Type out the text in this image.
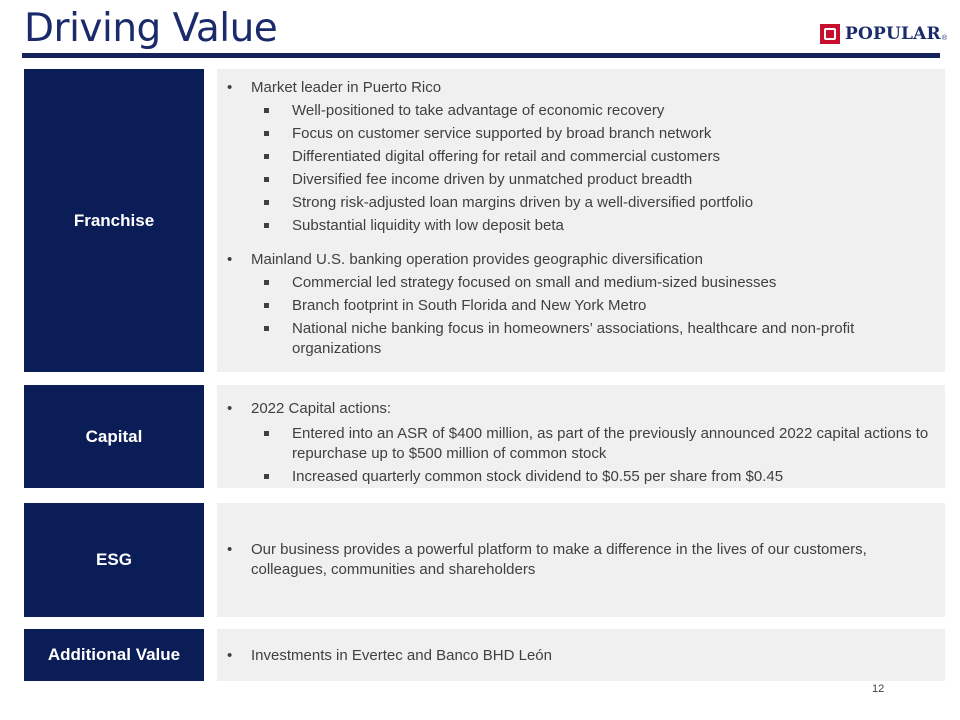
Driving Value	POPULAR ®
Franchise
• Market leader in Puerto Rico
Well-positioned to take advantage of economic recovery
Focus on customer service supported by broad branch network
Differentiated digital offering for retail and commercial customers
Diversified fee income driven by unmatched product breadth
Strong risk-adjusted loan margins driven by a well-diversified portfolio
Substantial liquidity with low deposit beta
• Mainland U.S. banking operation provides geographic diversification
Commercial led strategy focused on small and medium-sized businesses
Branch footprint in South Florida and New York Metro
National niche banking focus in homeowners’ associations, healthcare and non-profit organizations
Capital
• 2022 Capital actions:
Entered into an ASR of $400 million, as part of the previously announced 2022 capital actions to repurchase up to $500 million of common stock
Increased quarterly common stock dividend to $0.55 per share from $0.45
ESG
• Our business provides a powerful platform to make a difference in the lives of our customers, colleagues, communities and shareholders
Additional Value
•	Investments in Evertec and Banco BHD León
12
